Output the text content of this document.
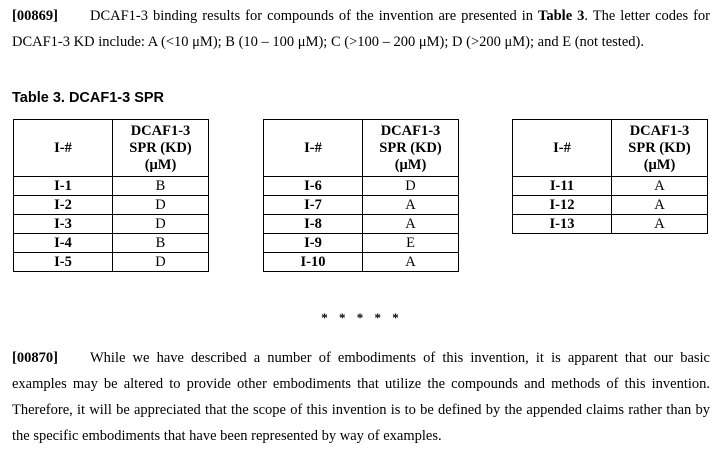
[00869] DCAF1-3 binding results for compounds of the invention are presented in Table 3. The letter codes for DCAF1-3 KD include: A (<10 μM); B (10 – 100 μM); C (>100 – 200 μM); D (>200 μM); and E (not tested).
Table 3. DCAF1-3 SPR
I-#	DCAF1-3
SPR (KD)
(μM)
I-1	B
I-2	D
I-3	D
I-4	B
I-5	D
I-#	DCAF1-3
SPR (KD)
(μM)
I-6	D
I-7	A
I-8	A
I-9	E
I-10	A
I-#	DCAF1-3
SPR (KD)
(μM)
I-11	A
I-12	A
I-13	A
* * * * *
[00870] While we have described a number of embodiments of this invention, it is apparent that our basic examples may be altered to provide other embodiments that utilize the compounds and methods of this invention. Therefore, it will be appreciated that the scope of this invention is to be defined by the appended claims rather than by the specific embodiments that have been represented by way of examples.
